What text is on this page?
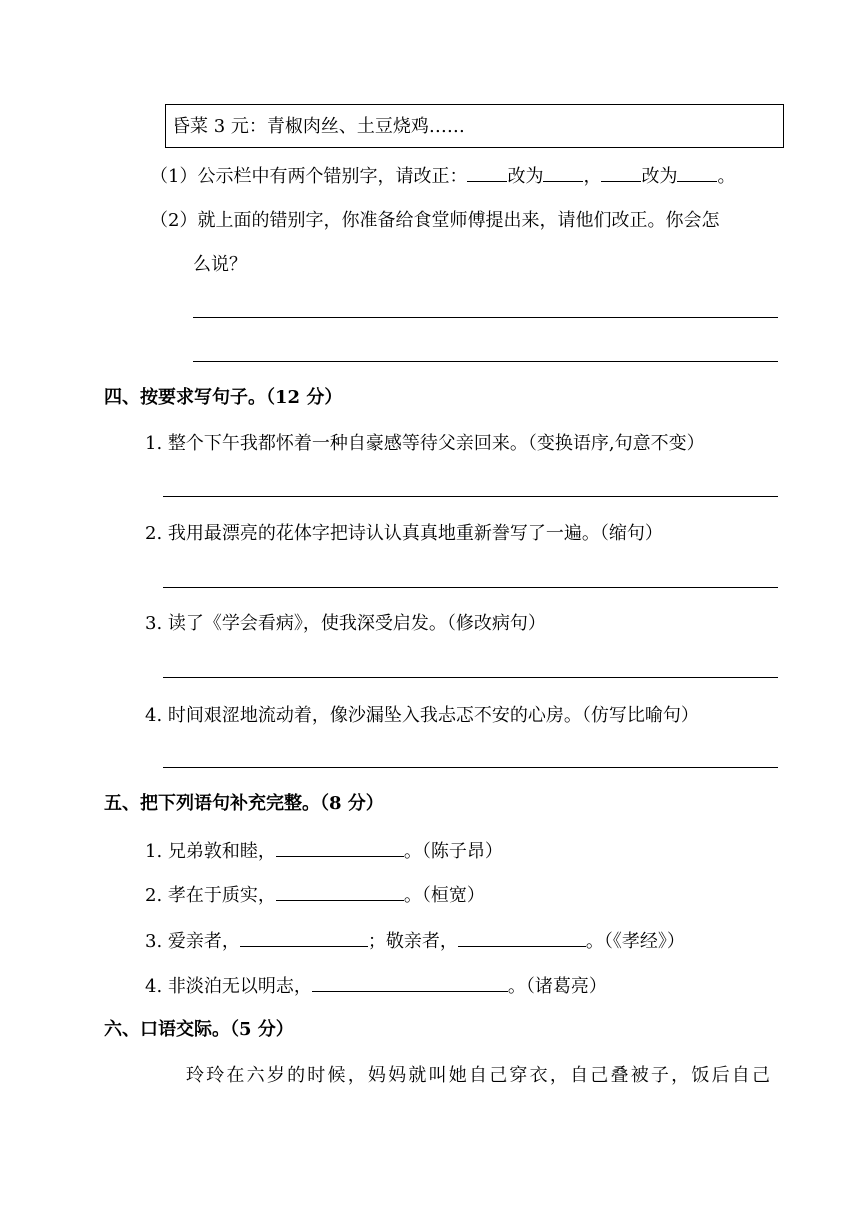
昏菜 3 元：青椒肉丝、土豆烧鸡……
（1）公示栏中有两个错别字，请改正： 改为 ， 改为 。
（2）就上面的错别字，你准备给食堂师傅提出来，请他们改正。你会怎
么说？
四、按要求写句子。（12 分）
1. 整个下午我都怀着一种自豪感等待父亲回来。（变换语序,句意不变）
2. 我用最漂亮的花体字把诗认认真真地重新誊写了一遍。（缩句）
3. 读了《学会看病》，使我深受启发。（修改病句）
4. 时间艰涩地流动着，像沙漏坠入我忐忑不安的心房。（仿写比喻句）
五、把下列语句补充完整。（8 分）
1. 兄弟敦和睦，	。（陈子昂）
2. 孝在于质实，	。（桓宽）
3. 爱亲者，	；敬亲者，	。（《孝经》）
4. 非淡泊无以明志，	。（诸葛亮）
六、口语交际。（5 分）
玲玲在六岁的时候，妈妈就叫她自己穿衣，自己叠被子，饭后自己
